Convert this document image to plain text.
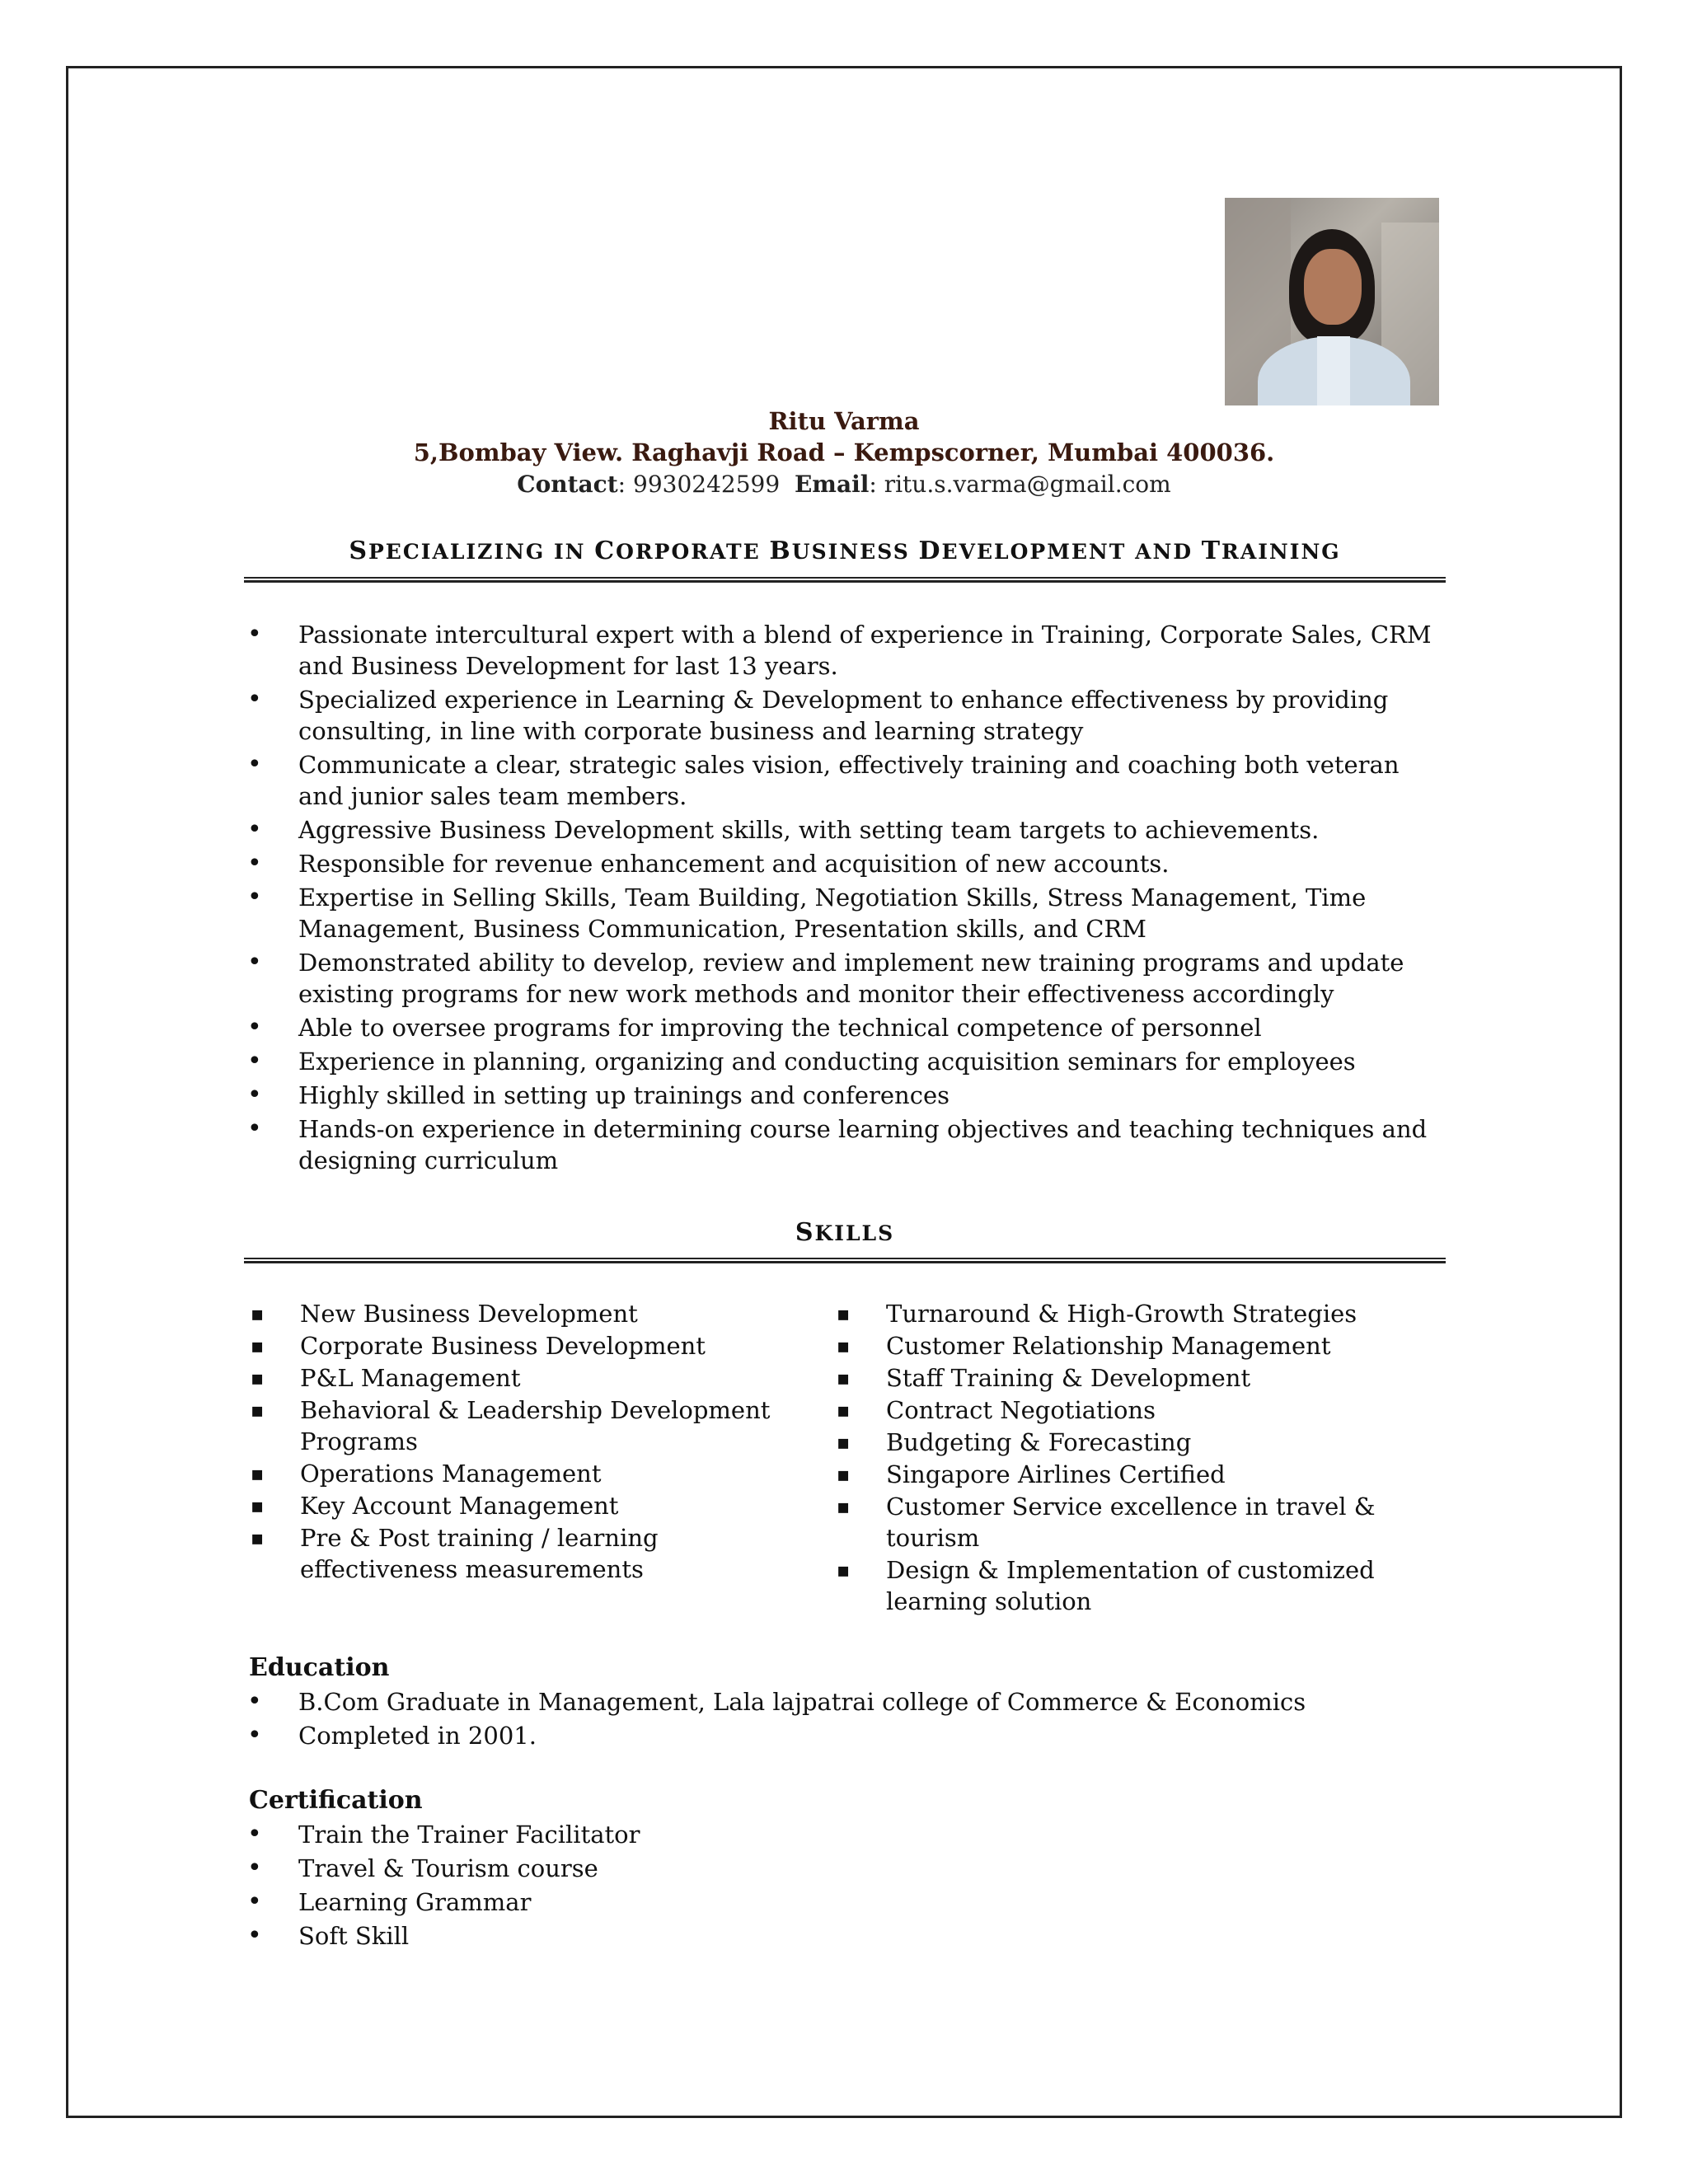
Ritu Varma
5,Bombay View. Raghavji Road – Kempscorner, Mumbai 400036.
Contact: 9930242599 Email: ritu.s.varma@gmail.com
SPECIALIZING IN CORPORATE BUSINESS DEVELOPMENT AND TRAINING
• Passionate intercultural expert with a blend of experience in Training, Corporate Sales, CRM and Business Development for last 13 years.
• Specialized experience in Learning & Development to enhance effectiveness by providing consulting, in line with corporate business and learning strategy
• Communicate a clear, strategic sales vision, effectively training and coaching both veteran and junior sales team members.
• Aggressive Business Development skills, with setting team targets to achievements.
• Responsible for revenue enhancement and acquisition of new accounts.
• Expertise in Selling Skills, Team Building, Negotiation Skills, Stress Management, Time Management, Business Communication, Presentation skills, and CRM
• Demonstrated ability to develop, review and implement new training programs and update existing programs for new work methods and monitor their effectiveness accordingly
• Able to oversee programs for improving the technical competence of personnel
• Experience in planning, organizing and conducting acquisition seminars for employees
• Highly skilled in setting up trainings and conferences
• Hands-on experience in determining course learning objectives and teaching techniques and designing curriculum
SKILLS
▪ New Business Development
▪ Corporate Business Development
▪ P&L Management
▪ Behavioral & Leadership Development Programs
▪ Operations Management
▪ Key Account Management
▪ Pre & Post training / learning effectiveness measurements
▪ Turnaround & High-Growth Strategies
▪ Customer Relationship Management
▪ Staff Training & Development
▪ Contract Negotiations
▪ Budgeting & Forecasting
▪ Singapore Airlines Certified
▪ Customer Service excellence in travel & tourism
▪ Design & Implementation of customized learning solution
Education
• B.Com Graduate in Management, Lala lajpatrai college of Commerce & Economics
• Completed in 2001.
Certification
• Train the Trainer Facilitator
• Travel & Tourism course
• Learning Grammar
• Soft Skill
